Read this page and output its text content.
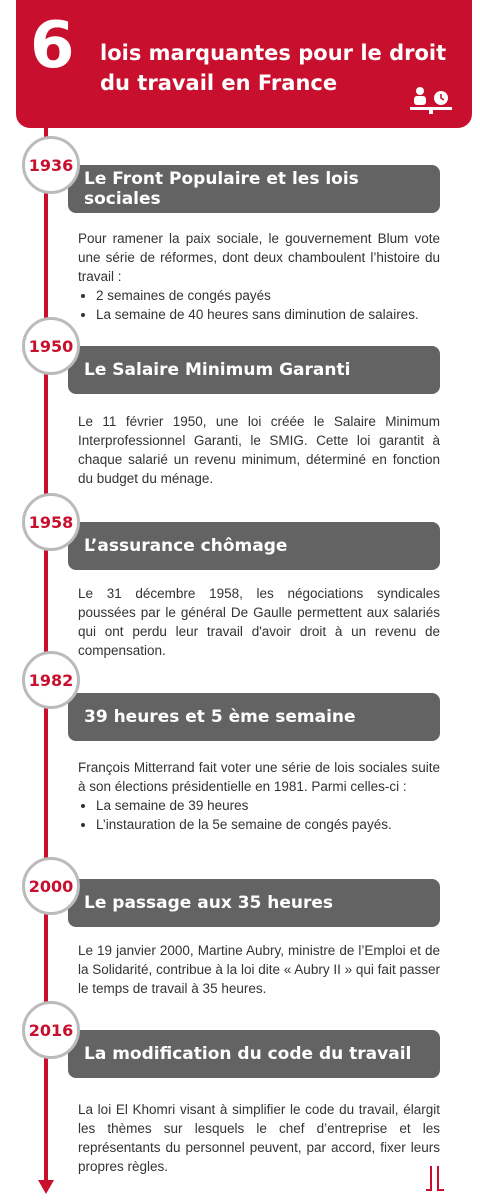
6 lois marquantes pour le droit du travail en France
1936
Le Front Populaire et les lois sociales

Pour ramener la paix sociale, le gouvernement Blum vote une série de réformes, dont deux chamboulent l’histoire du travail :

• 2 semaines de congés payés
• La semaine de 40 heures sans diminution de salaires.
1950
Le Salaire Minimum Garanti

Le 11 février 1950, une loi créée le Salaire Minimum Interprofessionnel Garanti, le SMIG. Cette loi garantit à chaque salarié un revenu minimum, déterminé en fonction du budget du ménage.

1958
L’assurance chômage

Le 31 décembre 1958, les négociations syndicales poussées par le général De Gaulle permettent aux salariés qui ont perdu leur travail d'avoir droit à un revenu de compensation.

1982
39 heures et 5 ème semaine

François Mitterrand fait voter une série de lois sociales suite à son élections présidentielle en 1981. Parmi celles-ci :

• La semaine de 39 heures
• L’instauration de la 5e semaine de congés payés.
2000
Le passage aux 35 heures

Le 19 janvier 2000, Martine Aubry, ministre de l’Emploi et de la Solidarité, contribue à la loi dite « Aubry II » qui fait passer le temps de travail à 35 heures.

2016
La modification du code du travail

La loi El Khomri visant à simplifier le code du travail, élargit les thèmes sur lesquels le chef d’entreprise et les représentants du personnel peuvent, par accord, fixer leurs propres règles.
